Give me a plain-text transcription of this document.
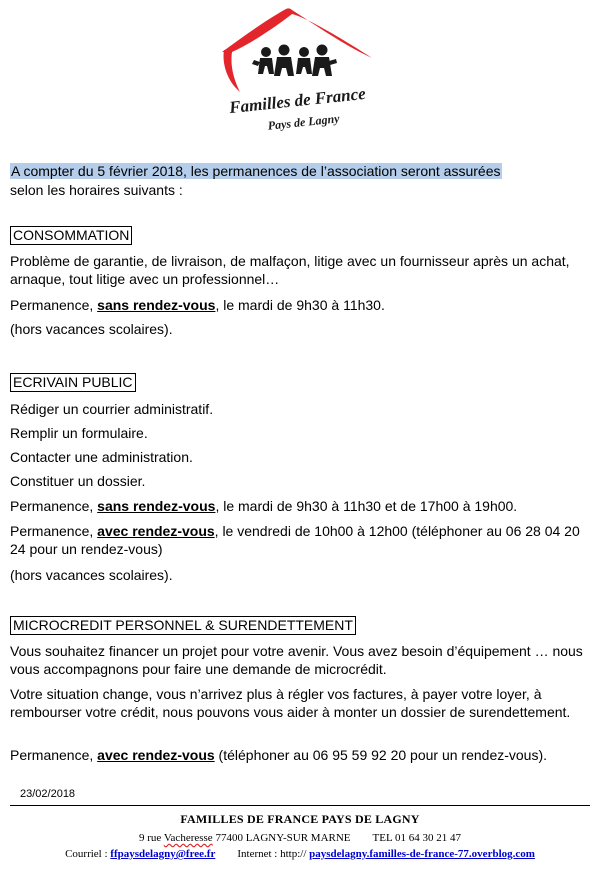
Familles de France
Pays de Lagny
A compter du 5 février 2018, les permanences de l’association seront assurées
selon les horaires suivants :
CONSOMMATION
Problème de garantie, de livraison, de malfaçon, litige avec un fournisseur après un achat, arnaque, tout litige avec un professionnel…
Permanence, sans rendez-vous, le mardi de 9h30 à 11h30.
(hors vacances scolaires).
ECRIVAIN PUBLIC
Rédiger un courrier administratif.
Remplir un formulaire.
Contacter une administration.
Constituer un dossier.
Permanence, sans rendez-vous, le mardi de 9h30 à 11h30 et de 17h00 à 19h00.
Permanence, avec rendez-vous, le vendredi de 10h00 à 12h00 (téléphoner au 06 28 04 20 24 pour un rendez-vous)
(hors vacances scolaires).
MICROCREDIT PERSONNEL & SURENDETTEMENT
Vous souhaitez financer un projet pour votre avenir. Vous avez besoin d’équipement … nous vous accompagnons pour faire une demande de microcrédit.
Votre situation change, vous n’arrivez plus à régler vos factures, à payer votre loyer, à rembourser votre crédit, nous pouvons vous aider à monter un dossier de surendettement.
Permanence, avec rendez-vous (téléphoner au 06 95 59 92 20 pour un rendez-vous).
23/02/2018
FAMILLES DE FRANCE PAYS DE LAGNY
9 rue Vacheresse 77400 LAGNY-SUR MARNE TEL 01 64 30 21 47
Courriel : ffpaysdelagny@free.fr Internet : http:// paysdelagny.familles-de-france-77.overblog.com
